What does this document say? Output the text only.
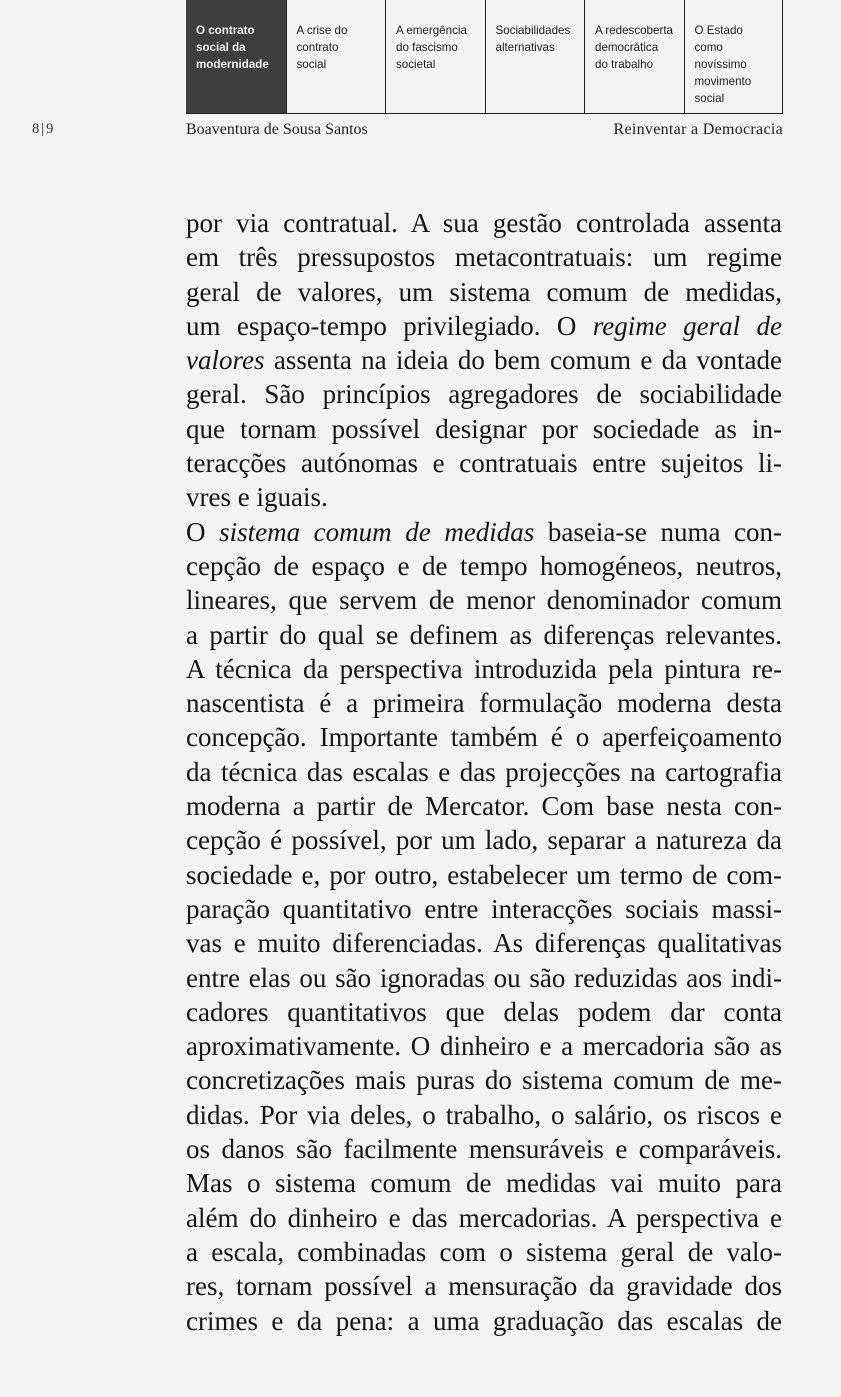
O contrato
social da
modernidade
A crise do
contrato
social
A emergência
do fascismo
societal
Sociabilidades
alternativas
A redescoberta
democrática
do trabalho
O Estado
como
novíssimo
movimento
social
8|9	Boaventura de Sousa Santos	Reinventar a Democracia
por via contratual. A sua gestão controlada assenta
em três pressupostos metacontratuais: um regime
geral de valores, um sistema comum de medidas,
um espaço-tempo privilegiado. O regime geral de
valores assenta na ideia do bem comum e da vontade
geral. São princípios agregadores de sociabilidade
que tornam possível designar por sociedade as in-
teracções autónomas e contratuais entre sujeitos li-
vres e iguais.
O sistema comum de medidas baseia-se numa con-
cepção de espaço e de tempo homogéneos, neutros,
lineares, que servem de menor denominador comum
a partir do qual se definem as diferenças relevantes.
A técnica da perspectiva introduzida pela pintura re-
nascentista é a primeira formulação moderna desta
concepção. Importante também é o aperfeiçoamento
da técnica das escalas e das projecções na cartografia
moderna a partir de Mercator. Com base nesta con-
cepção é possível, por um lado, separar a natureza da
sociedade e, por outro, estabelecer um termo de com-
paração quantitativo entre interacções sociais massi-
vas e muito diferenciadas. As diferenças qualitativas
entre elas ou são ignoradas ou são reduzidas aos indi-
cadores quantitativos que delas podem dar conta
aproximativamente. O dinheiro e a mercadoria são as
concretizações mais puras do sistema comum de me-
didas. Por via deles, o trabalho, o salário, os riscos e
os danos são facilmente mensuráveis e comparáveis.
Mas o sistema comum de medidas vai muito para
além do dinheiro e das mercadorias. A perspectiva e
a escala, combinadas com o sistema geral de valo-
res, tornam possível a mensuração da gravidade dos
crimes e da pena: a uma graduação das escalas de
